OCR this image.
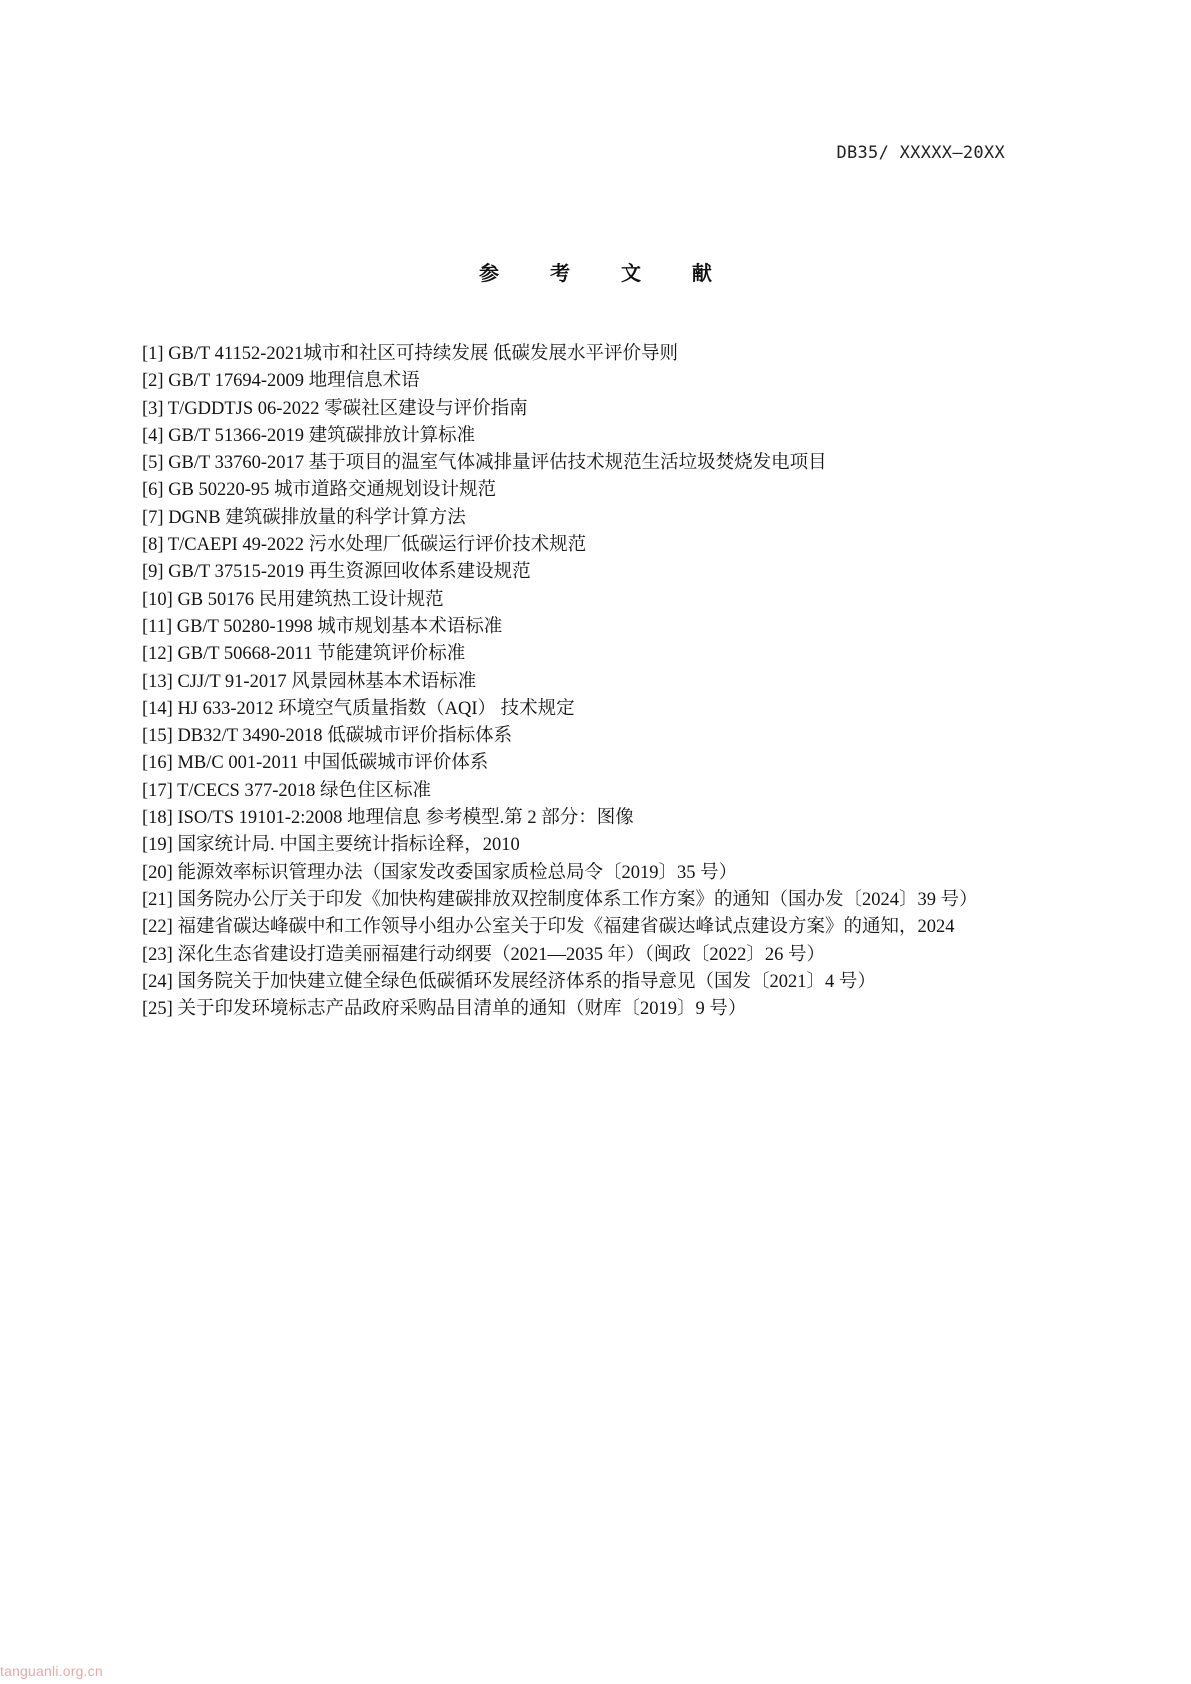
DB35/ XXXXX—20XX
参 考 文 献
[1] GB/T 41152-2021城市和社区可持续发展 低碳发展水平评价导则
[2] GB/T 17694-2009 地理信息术语
[3] T/GDDTJS 06-2022 零碳社区建设与评价指南
[4] GB/T 51366-2019 建筑碳排放计算标准
[5] GB/T 33760-2017 基于项目的温室气体减排量评估技术规范生活垃圾焚烧发电项目
[6] GB 50220-95 城市道路交通规划设计规范
[7] DGNB 建筑碳排放量的科学计算方法
[8] T/CAEPI 49-2022 污水处理厂低碳运行评价技术规范
[9] GB/T 37515-2019 再生资源回收体系建设规范
[10] GB 50176 民用建筑热工设计规范
[11] GB/T 50280-1998 城市规划基本术语标准
[12] GB/T 50668-2011 节能建筑评价标准
[13] CJJ/T 91-2017 风景园林基本术语标准
[14] HJ 633-2012 环境空气质量指数（AQI） 技术规定
[15] DB32/T 3490-2018 低碳城市评价指标体系
[16] MB/C 001-2011 中国低碳城市评价体系
[17] T/CECS 377-2018 绿色住区标准
[18] ISO/TS 19101-2:2008 地理信息 参考模型.第 2 部分：图像
[19] 国家统计局. 中国主要统计指标诠释，2010
[20] 能源效率标识管理办法（国家发改委国家质检总局令〔2019〕35 号）
[21] 国务院办公厅关于印发《加快构建碳排放双控制度体系工作方案》的通知（国办发〔2024〕39 号）
[22] 福建省碳达峰碳中和工作领导小组办公室关于印发《福建省碳达峰试点建设方案》的通知，2024
[23] 深化生态省建设打造美丽福建行动纲要（2021—2035 年）（闽政〔2022〕26 号）
[24] 国务院关于加快建立健全绿色低碳循环发展经济体系的指导意见（国发〔2021〕4 号）
[25] 关于印发环境标志产品政府采购品目清单的通知（财库〔2019〕9 号）
tanguanli.org.cn
